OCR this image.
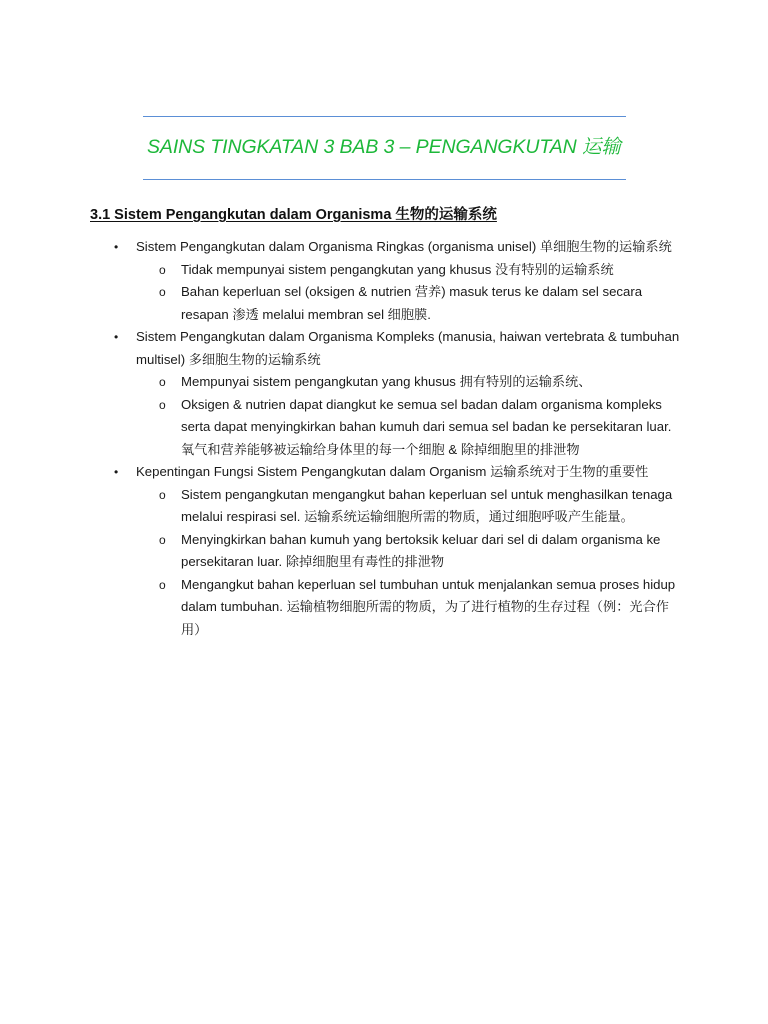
SAINS TINGKATAN 3 BAB 3 – PENGANGKUTAN 运输
3.1 Sistem Pengangkutan dalam Organisma 生物的运输系统
• Sistem Pengangkutan dalam Organisma Ringkas (organisma unisel) 单细胞生物的运输系统
o Tidak mempunyai sistem pengangkutan yang khusus 没有特别的运输系统
o Bahan keperluan sel (oksigen & nutrien 营养) masuk terus ke dalam sel secara resapan 渗透 melalui membran sel 细胞膜.
• Sistem Pengangkutan dalam Organisma Kompleks (manusia, haiwan vertebrata & tumbuhan multisel) 多细胞生物的运输系统
o Mempunyai sistem pengangkutan yang khusus 拥有特别的运输系统、
o Oksigen & nutrien dapat diangkut ke semua sel badan dalam organisma kompleks serta dapat menyingkirkan bahan kumuh dari semua sel badan ke persekitaran luar. 氧气和营养能够被运输给身体里的每一个细胞 & 除掉细胞里的排泄物
• Kepentingan Fungsi Sistem Pengangkutan dalam Organism 运输系统对于生物的重要性
o Sistem pengangkutan mengangkut bahan keperluan sel untuk menghasilkan tenaga melalui respirasi sel. 运输系统运输细胞所需的物质，通过细胞呼吸产生能量。
o Menyingkirkan bahan kumuh yang bertoksik keluar dari sel di dalam organisma ke persekitaran luar. 除掉细胞里有毒性的排泄物
o Mengangkut bahan keperluan sel tumbuhan untuk menjalankan semua proses hidup dalam tumbuhan. 运输植物细胞所需的物质，为了进行植物的生存过程（例：光合作用）
